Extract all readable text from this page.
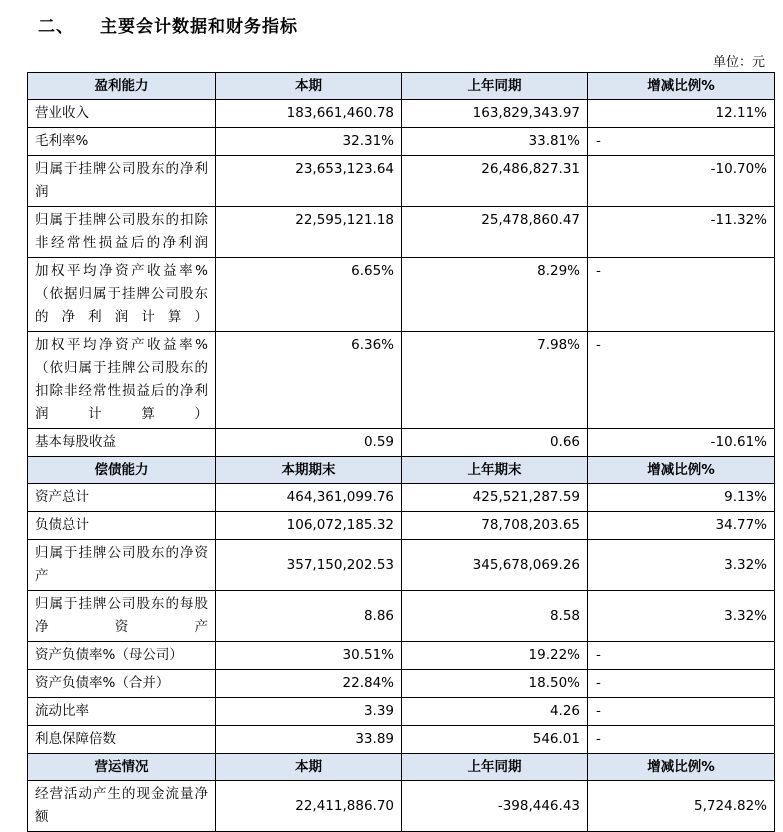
二、 主要会计数据和财务指标
单位：元
盈利能力	本期	上年同期	增减比例%
营业收入	183,661,460.78	163,829,343.97	12.11%
毛利率%	32.31%	33.81%	-
归属于挂牌公司股东的净利润	23,653,123.64	26,486,827.31	-10.70%
归属于挂牌公司股东的扣除非经常性损益后的净利润	22,595,121.18	25,478,860.47	-11.32%
加权平均净资产收益率%（依据归属于挂牌公司股东的净利润计算）	6.65%	8.29%	-
加权平均净资产收益率%（依归属于挂牌公司股东的扣除非经常性损益后的净利润计算）	6.36%	7.98%	-
基本每股收益	0.59	0.66	-10.61%
偿债能力	本期期末	上年期末	增减比例%
资产总计	464,361,099.76	425,521,287.59	9.13%
负债总计	106,072,185.32	78,708,203.65	34.77%
归属于挂牌公司股东的净资产	357,150,202.53	345,678,069.26	3.32%
归属于挂牌公司股东的每股净资产	8.86	8.58	3.32%
资产负债率%（母公司）	30.51%	19.22%	-
资产负债率%（合并）	22.84%	18.50%	-
流动比率	3.39	4.26	-
利息保障倍数	33.89	546.01	-
营运情况	本期	上年同期	增减比例%
经营活动产生的现金流量净额	22,411,886.70	-398,446.43	5,724.82%
